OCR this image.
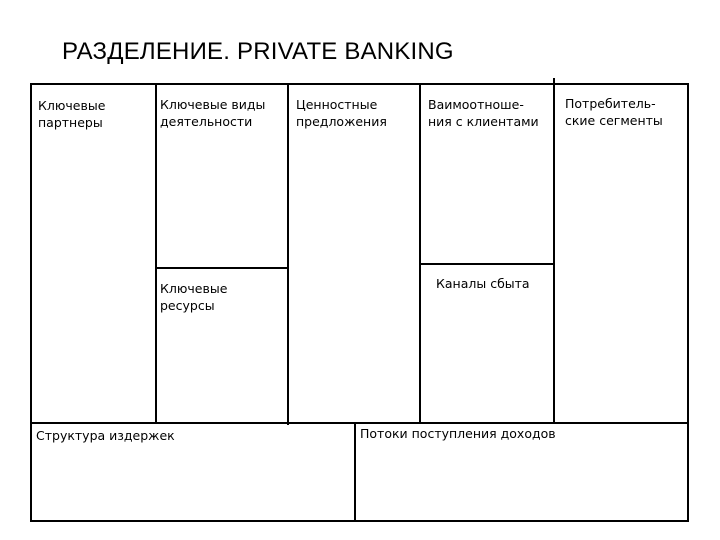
РАЗДЕЛЕНИЕ. PRIVATE BANKING
Ключевые
партнеры
Ключевые виды
деятельности
Ценностные
предложения
Ваимоотноше-
ния с клиентами
Потребитель-
ские сегменты
Ключевые
ресурсы
Каналы сбыта
Структура издержек	Потоки поступления доходов
